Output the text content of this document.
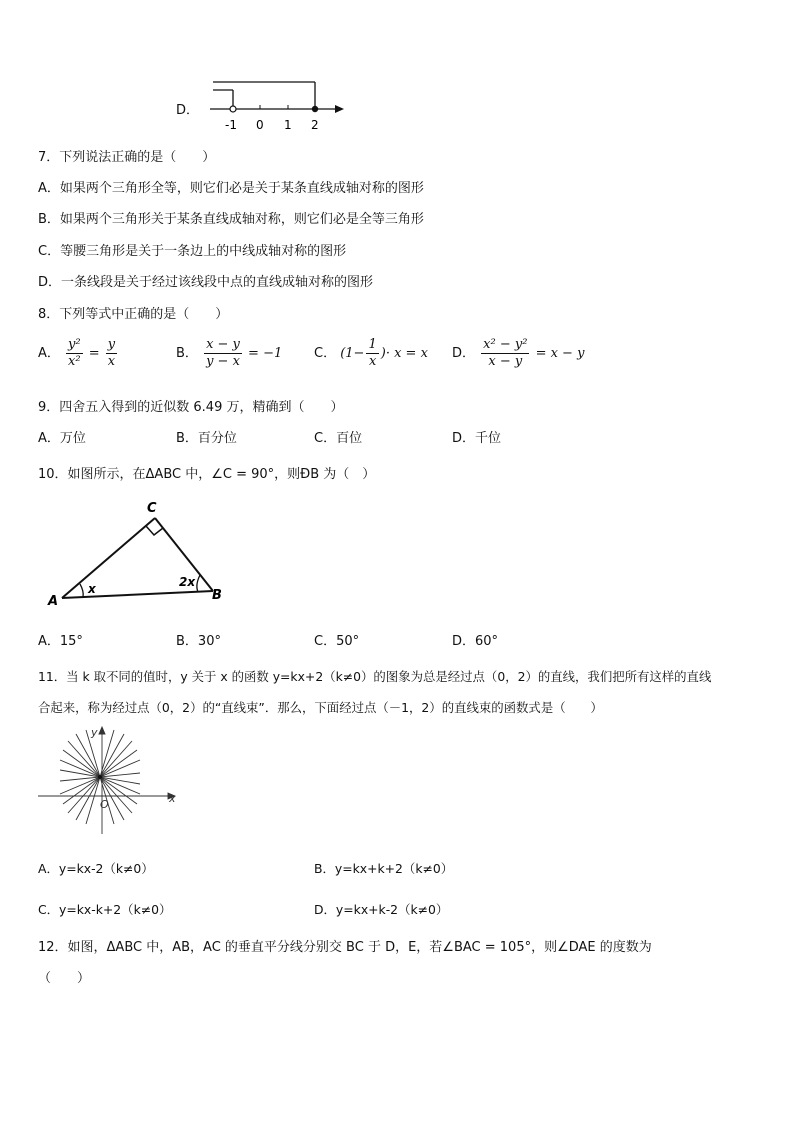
D．
-1 0 1 2
7．下列说法正确的是（　　）
A．如果两个三角形全等，则它们必是关于某条直线成轴对称的图形
B．如果两个三角形关于某条直线成轴对称，则它们必是全等三角形
C．等腰三角形是关于一条边上的中线成轴对称的图形
D．一条线段是关于经过该线段中点的直线成轴对称的图形
8．下列等式中正确的是（　　）
A． $\frac{\text{y²}}{\text{x²}} = \frac{y}{x}$	B． $\frac{x - y}{y - x} = -1$ C． ($1- \frac{1}{x}$ )· x = x D． $\frac{\text{x² − y²}}{x - y} = x - y$
9．四舍五入得到的近似数 6.49 万，精确到（　　）
A．万位	B．百分位	C．百位	D．千位
10．如图所示，在ΔABC 中，∠C = 90°，则ÐB 为（　）
A	B
C
x	2x
A．15°	B．30°	C．50°	D．60°
11．当 k 取不同的值时，y 关于 x 的函数 y=kx+2（k≠0）的图象为总是经过点（0，2）的直线，我们把所有这样的直线
合起来，称为经过点（0，2）的“直线束”．那么，下面经过点（－1，2）的直线束的函数式是（　　）
y
x
O
A．y=kx-2（k≠0）	B．y=kx+k+2（k≠0）
C．y=kx-k+2（k≠0）	D．y=kx+k-2（k≠0）
12．如图，ΔABC 中，AB，AC 的垂直平分线分别交 BC 于 D，E，若∠BAC = 105°，则∠DAE 的度数为
（　　）
